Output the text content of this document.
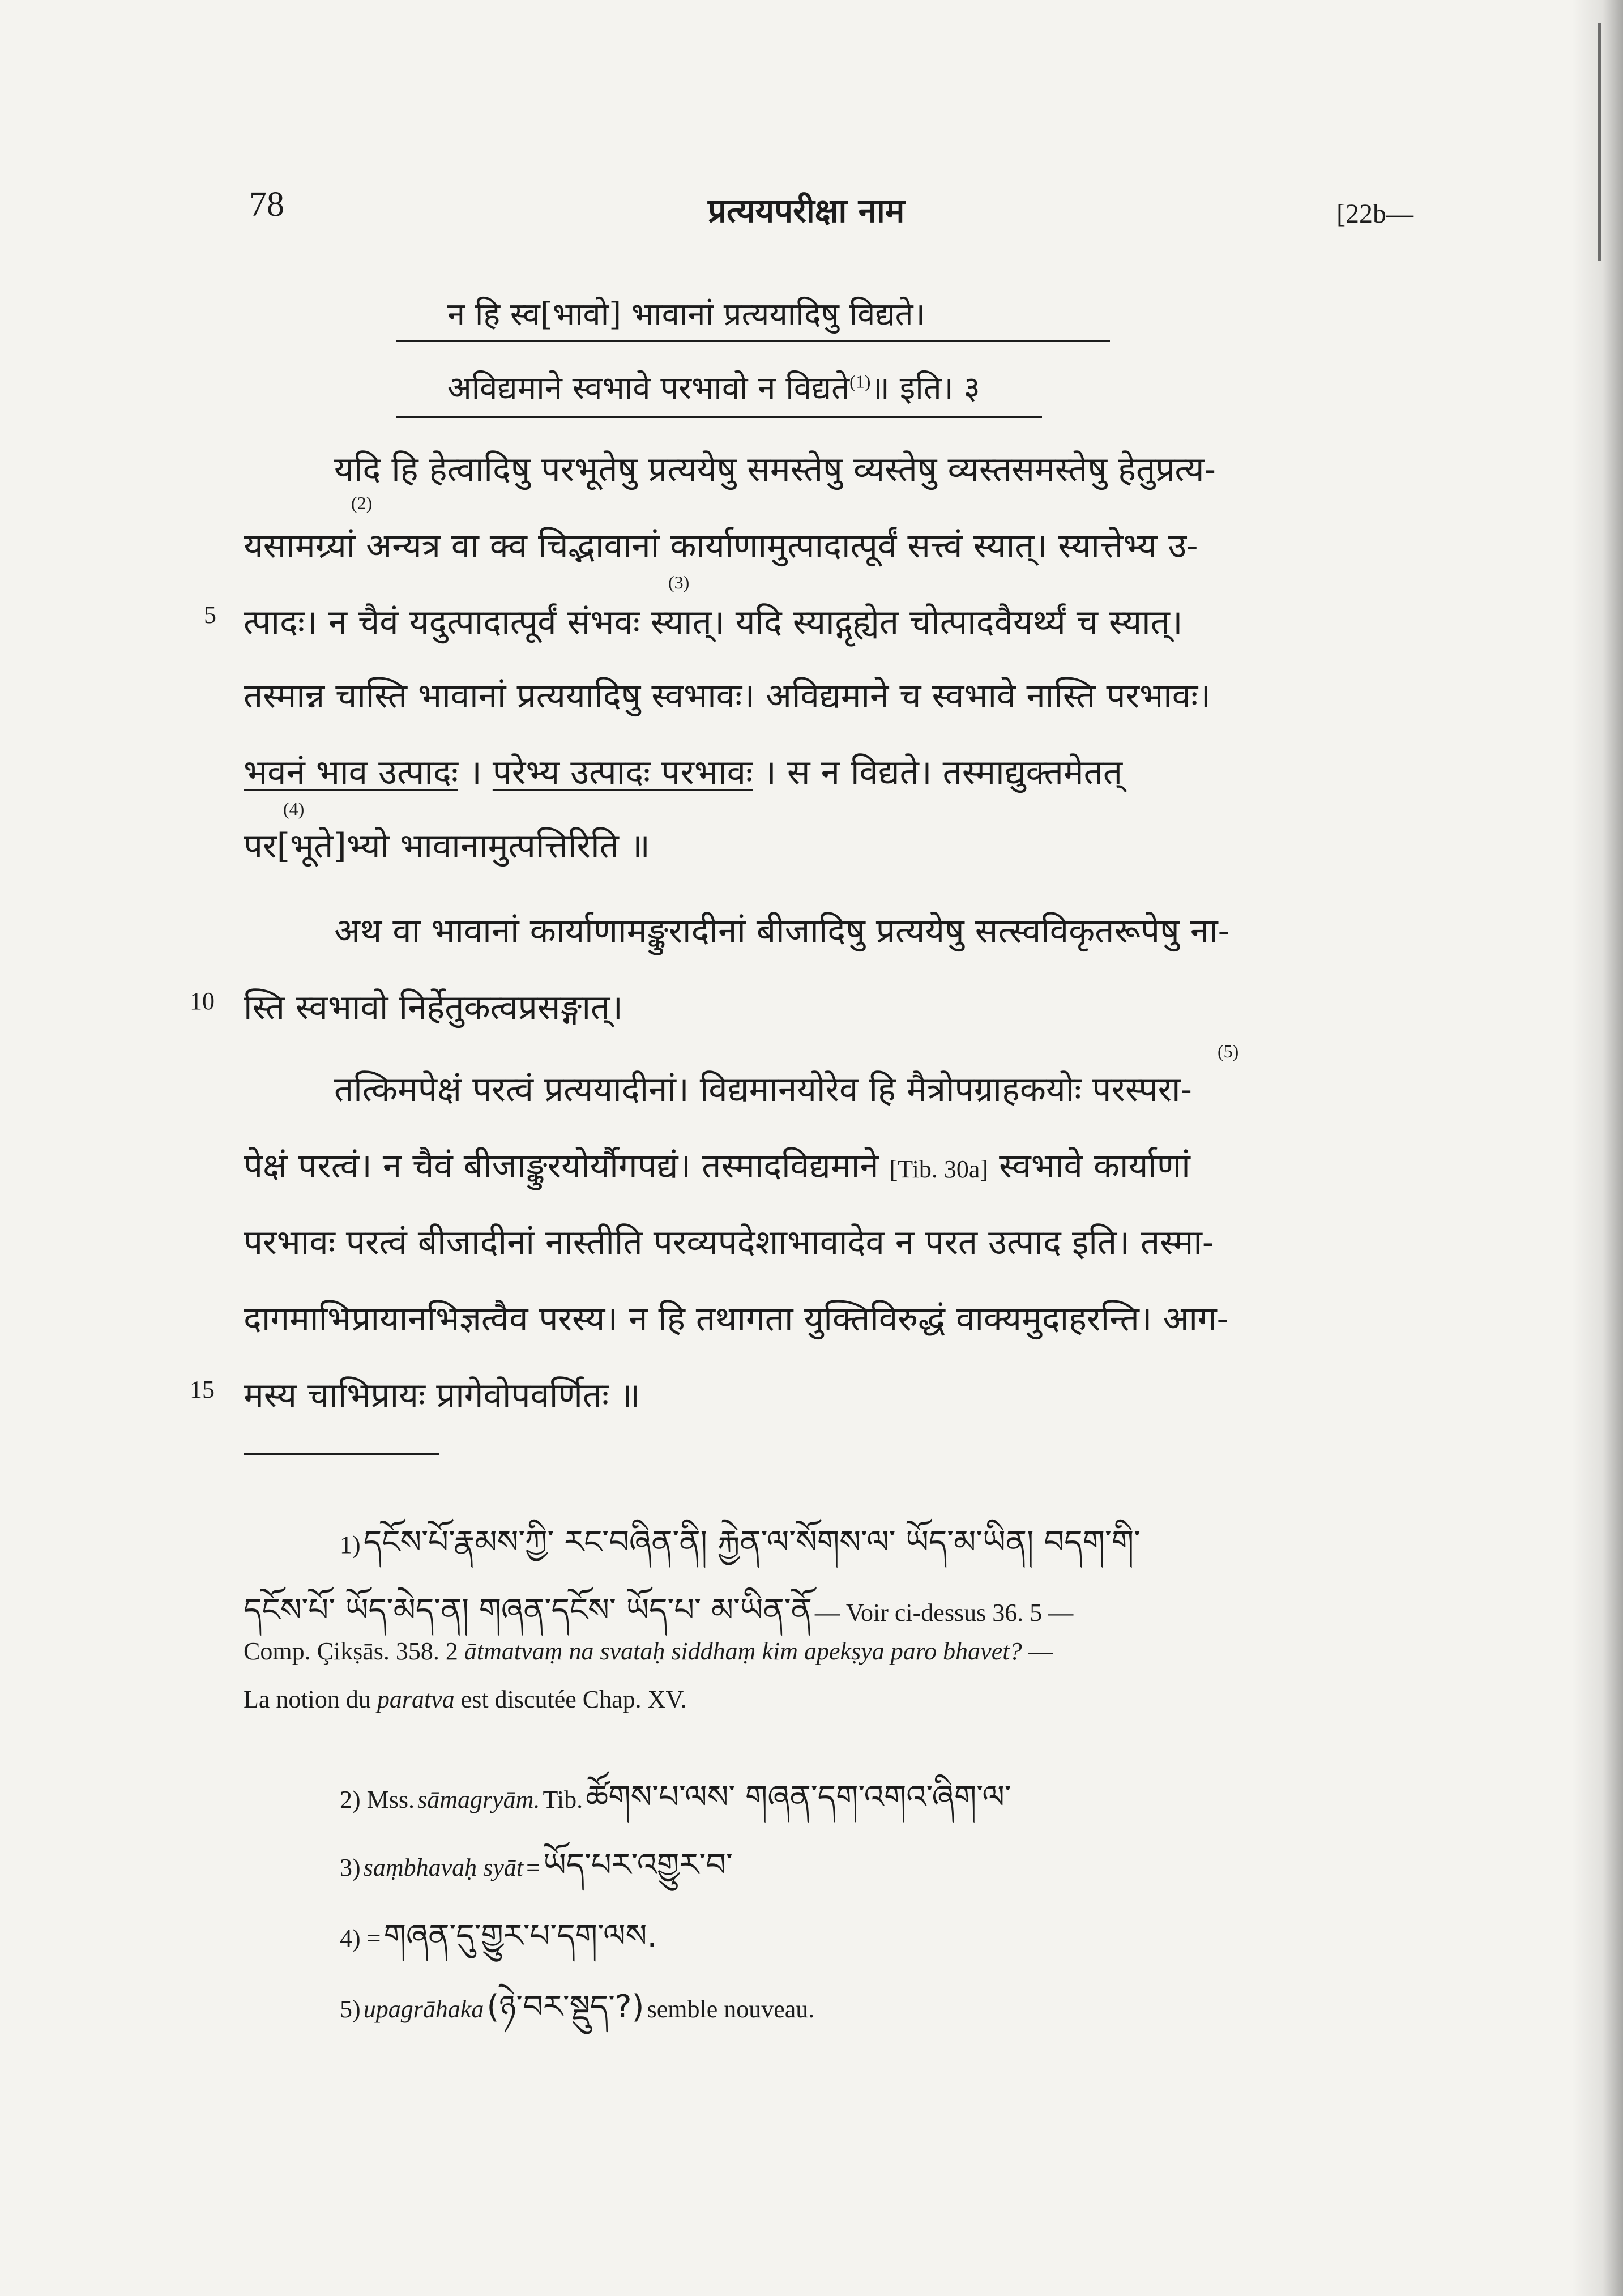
78	प्रत्ययपरीक्षा नाम	[22b—
न हि स्व[भावो] भावानां प्रत्ययादिषु विद्यते।
अविद्यमाने स्वभावे परभावो न विद्यते$^{(1)}$॥ इति। ३
यदि हि हेत्वादिषु परभूतेषु प्रत्ययेषु समस्तेषु व्यस्तेषु व्यस्तसमस्तेषु हेतुप्रत्य-
(2)
यसामग्र्यां अन्यत्र वा क्व चिद्भावानां कार्याणामुत्पादात्पूर्वं सत्त्वं स्यात्। स्यात्तेभ्य उ-
5
(3)
त्पादः। न चैवं यदुत्पादात्पूर्वं संभवः स्यात्। यदि स्याद्गृह्येत चोत्पादवैयर्थ्यं च स्यात्।
तस्मान्न चास्ति भावानां प्रत्ययादिषु स्वभावः। अविद्यमाने च स्वभावे नास्ति परभावः।
भवनं भाव उत्पादः । परेभ्य उत्पादः परभावः । स न विद्यते। तस्माद्युक्तमेतत्
(4)
पर[भूते]भ्यो भावानामुत्पत्तिरिति ॥
अथ वा भावानां कार्याणामङ्कुरादीनां बीजादिषु प्रत्ययेषु सत्स्वविकृतरूपेषु ना-
10 स्ति स्वभावो निर्हेतुकत्वप्रसङ्गात्।
(5)
तत्किमपेक्षं परत्वं प्रत्ययादीनां। विद्यमानयोरेव हि मैत्रोपग्राहकयोः परस्परा-
पेक्षं परत्वं। न चैवं बीजाङ्कुरयोर्यौगपद्यं। तस्मादविद्यमाने [Tib. 30a] स्वभावे कार्याणां
परभावः परत्वं बीजादीनां नास्तीति परव्यपदेशाभावादेव न परत उत्पाद इति। तस्मा-
दागमाभिप्रायानभिज्ञत्वैव परस्य। न हि तथागता युक्तिविरुद्धं वाक्यमुदाहरन्ति। आग-
15 मस्य चाभिप्रायः प्रागेवोपवर्णितः ॥
1) དངོས་པོ་རྣམས་ཀྱི་ རང་བཞིན་ནི། རྐྱེན་ལ་སོགས་ལ་ ཡོད་མ་ཡིན། བདག་གི་
དངོས་པོ་ ཡོད་མེད་ན། གཞན་དངོས་ ཡོད་པ་ མ་ཡིན་ནོ — Voir ci-dessus 36. 5 —
Comp. Çikṣās. 358. 2 ātmatvaṃ na svataḥ siddhaṃ kim apekṣya paro bhavet? —
La notion du paratva est discutée Chap. XV.
2) Mss. sāmagryām. Tib. ཚོགས་པ་ལས་ གཞན་དག་འགའ་ཞིག་ལ་
3) saṃbhavaḥ syāt = ཡོད་པར་འགྱུར་བ་
4) = གཞན་དུ་གྱུར་པ་དག་ལས.
5) upagrāhaka (ཉེ་བར་སྡུད་?) semble nouveau.
